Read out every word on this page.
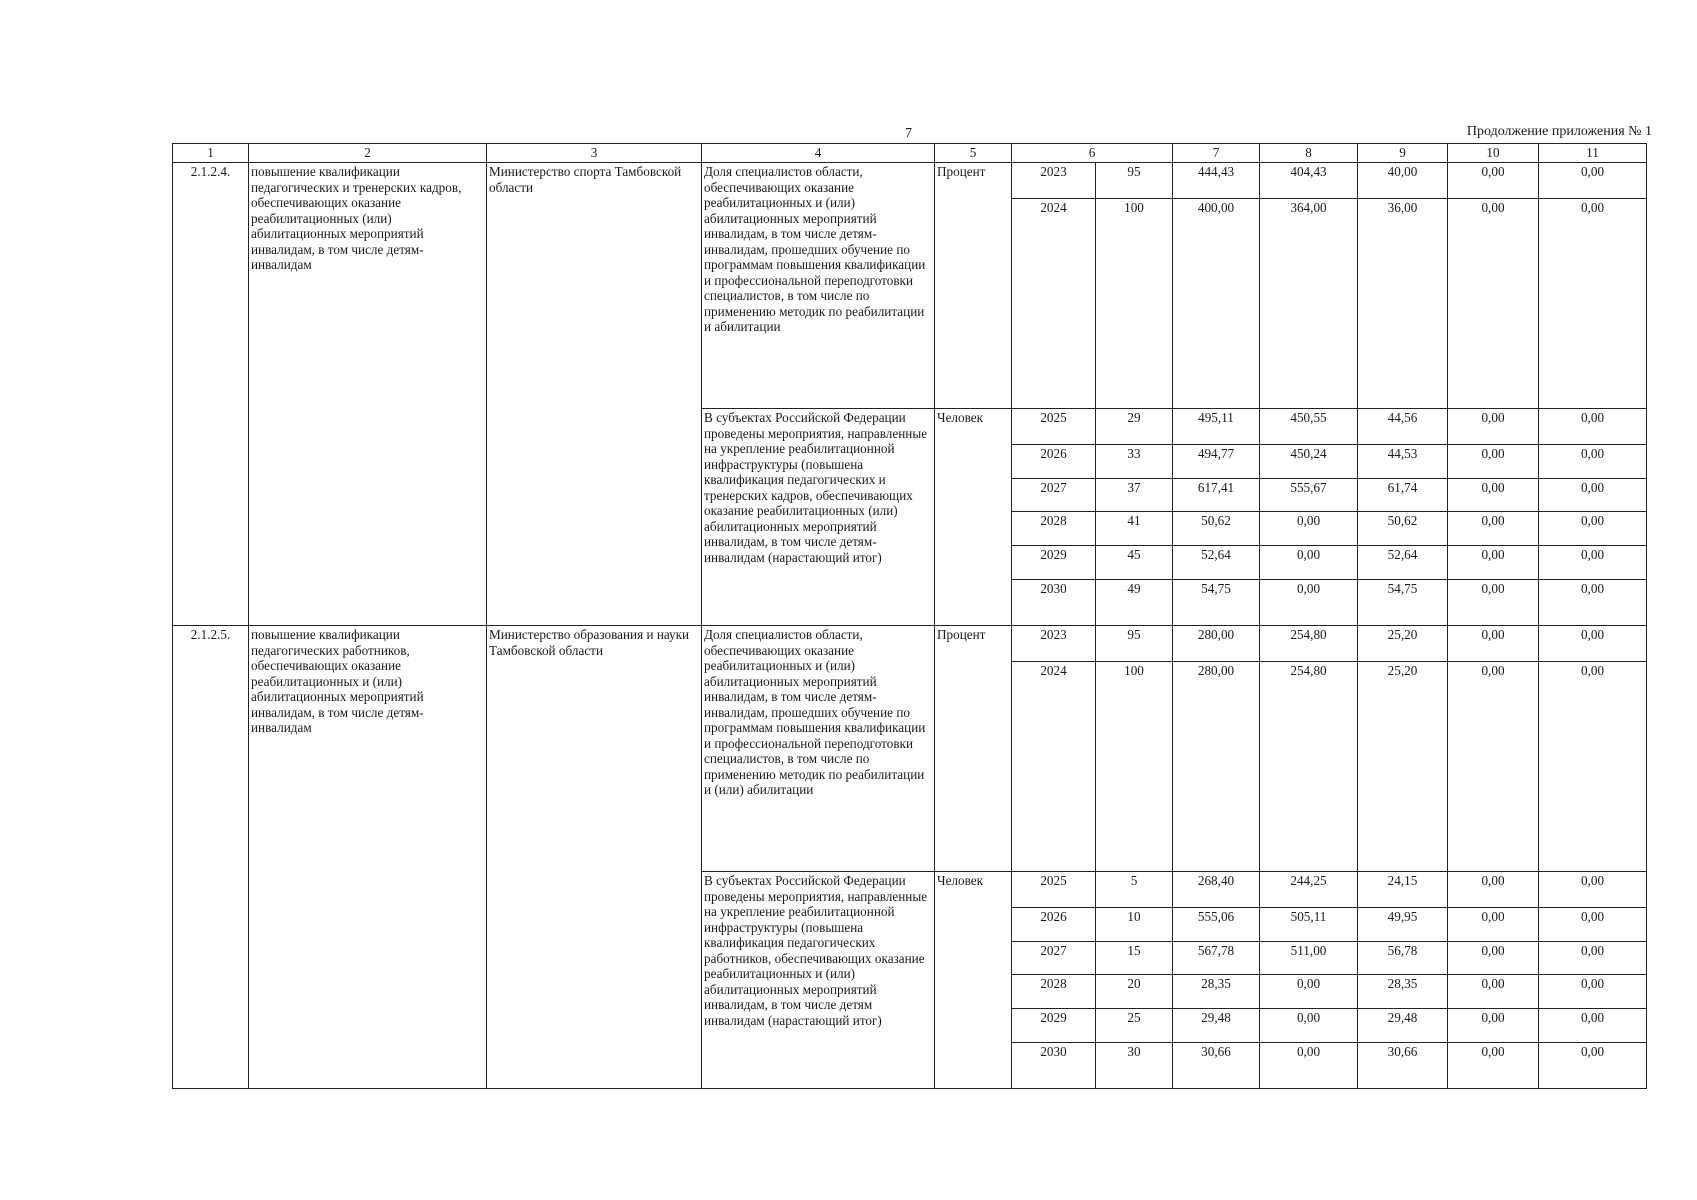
7	Продолжение приложения № 1
1	2	3	4	5	6		7	8	9	10	11
2.1.2.4.	повышение квалификации педагогических и тренерских кадров, обеспечивающих оказание реабилитационных (или) абилитационных мероприятий инвалидам, в том числе детям-инвалидам	Министерство спорта Тамбовской области	Доля специалистов области, обеспечивающих оказание реабилитационных и (или) абилитационных мероприятий инвалидам, в том числе детям-инвалидам, прошедших обучение по программам повышения квалификации и профессиональной переподготовки специалистов, в том числе по применению методик по реабилитации и абилитации	Процент	2023	95	444,43	404,43	40,00	0,00	0,00
					2024	100	400,00	364,00	36,00	0,00	0,00
			В субъектах Российской Федерации проведены мероприятия, направленные на укрепление реабилитационной инфраструктуры (повышена квалификация педагогических и тренерских кадров, обеспечивающих оказание реабилитационных (или) абилитационных мероприятий инвалидам, в том числе детям-инвалидам (нарастающий итог)	Человек	2025	29	495,11	450,55	44,56	0,00	0,00
					2026	33	494,77	450,24	44,53	0,00	0,00
					2027	37	617,41	555,67	61,74	0,00	0,00
					2028	41	50,62	0,00	50,62	0,00	0,00
					2029	45	52,64	0,00	52,64	0,00	0,00
					2030	49	54,75	0,00	54,75	0,00	0,00
2.1.2.5.	повышение квалификации педагогических работников, обеспечивающих оказание реабилитационных и (или) абилитационных мероприятий инвалидам, в том числе детям-инвалидам	Министерство образования и науки Тамбовской области	Доля специалистов области, обеспечивающих оказание реабилитационных и (или) абилитационных мероприятий инвалидам, в том числе детям-инвалидам, прошедших обучение по программам повышения квалификации и профессиональной переподготовки специалистов, в том числе по применению методик по реабилитации и (или) абилитации	Процент	2023	95	280,00	254,80	25,20	0,00	0,00
					2024	100	280,00	254,80	25,20	0,00	0,00
			В субъектах Российской Федерации проведены мероприятия, направленные на укрепление реабилитационной инфраструктуры (повышена квалификация педагогических работников, обеспечивающих оказание реабилитационных и (или) абилитационных мероприятий инвалидам, в том числе детям инвалидам (нарастающий итог)	Человек	2025	5	268,40	244,25	24,15	0,00	0,00
					2026	10	555,06	505,11	49,95	0,00	0,00
					2027	15	567,78	511,00	56,78	0,00	0,00
					2028	20	28,35	0,00	28,35	0,00	0,00
					2029	25	29,48	0,00	29,48	0,00	0,00
					2030	30	30,66	0,00	30,66	0,00	0,00
